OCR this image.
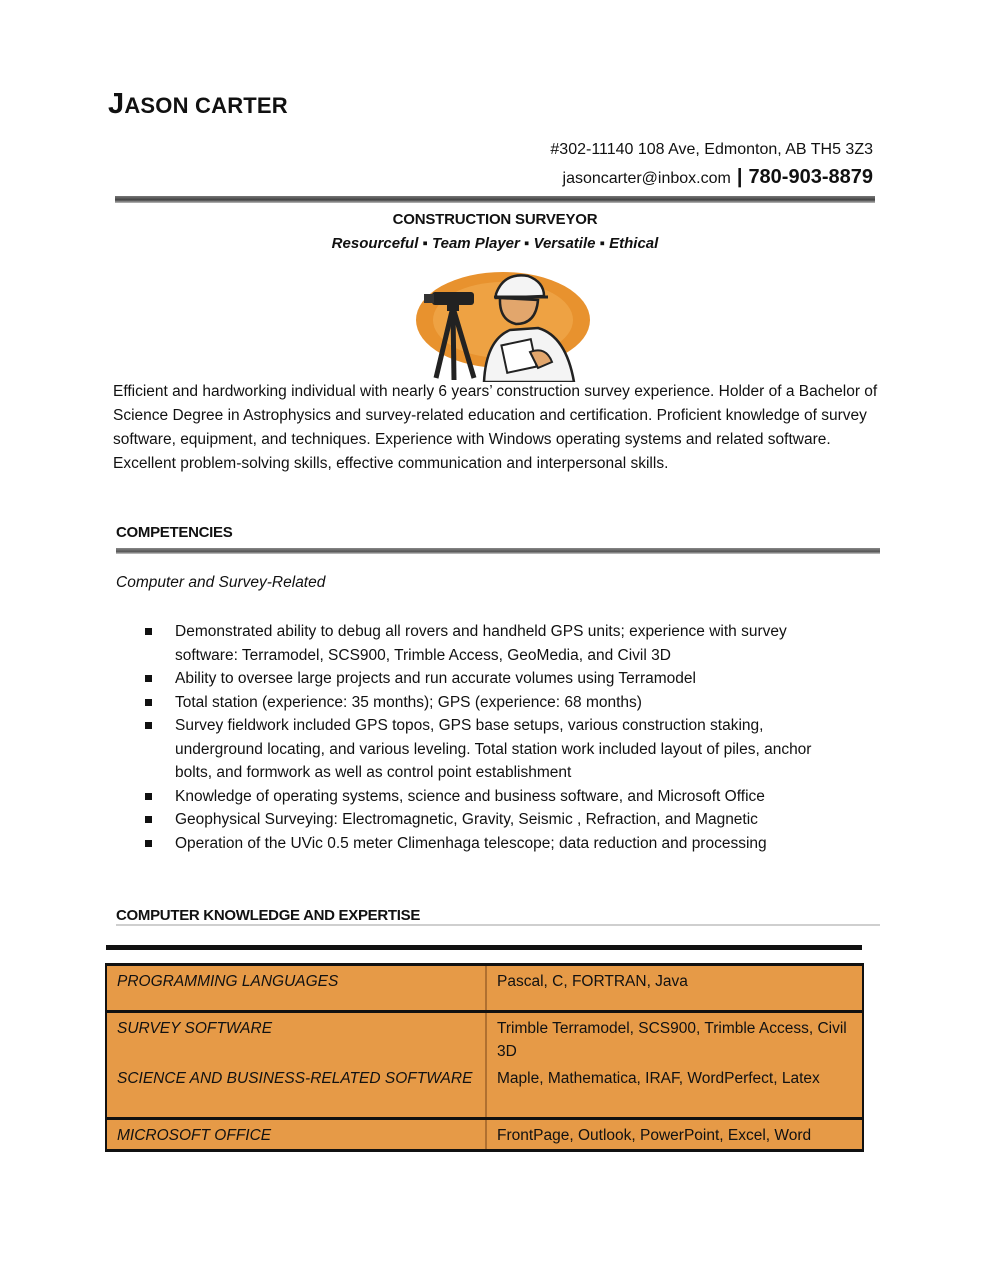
JASON CARTER

#302-11140 108 Ave, Edmonton, AB TH5 3Z3

jasoncarter@inbox.com | 780-903-8879

CONSTRUCTION SURVEYOR
Resourceful ▪ Team Player ▪ Versatile ▪ Ethical
Efficient and hardworking individual with nearly 6 years’ construction survey experience. Holder of a Bachelor of Science Degree in Astrophysics and survey-related education and certification. Proficient knowledge of survey software, equipment, and techniques. Experience with Windows operating systems and related software. Excellent problem-solving skills, effective communication and interpersonal skills.
COMPETENCIES
Computer and Survey-Related
Demonstrated ability to debug all rovers and handheld GPS units; experience with survey software: Terramodel, SCS900, Trimble Access, GeoMedia, and Civil 3D
Ability to oversee large projects and run accurate volumes using Terramodel
Total station (experience: 35 months); GPS (experience: 68 months)
Survey fieldwork included GPS topos, GPS base setups, various construction staking, underground locating, and various leveling. Total station work included layout of piles, anchor bolts, and formwork as well as control point establishment
Knowledge of operating systems, science and business software, and Microsoft Office
Geophysical Surveying: Electromagnetic, Gravity, Seismic , Refraction, and Magnetic
Operation of the UVic 0.5 meter Climenhaga telescope; data reduction and processing
COMPUTER KNOWLEDGE AND EXPERTISE
PROGRAMMING LANGUAGES	Pascal, C, FORTRAN, Java
SURVEY SOFTWARE	Trimble Terramodel, SCS900, Trimble Access, Civil 3D
SCIENCE AND BUSINESS-RELATED SOFTWARE	Maple, Mathematica, IRAF, WordPerfect, Latex
MICROSOFT OFFICE	FrontPage, Outlook, PowerPoint, Excel, Word
